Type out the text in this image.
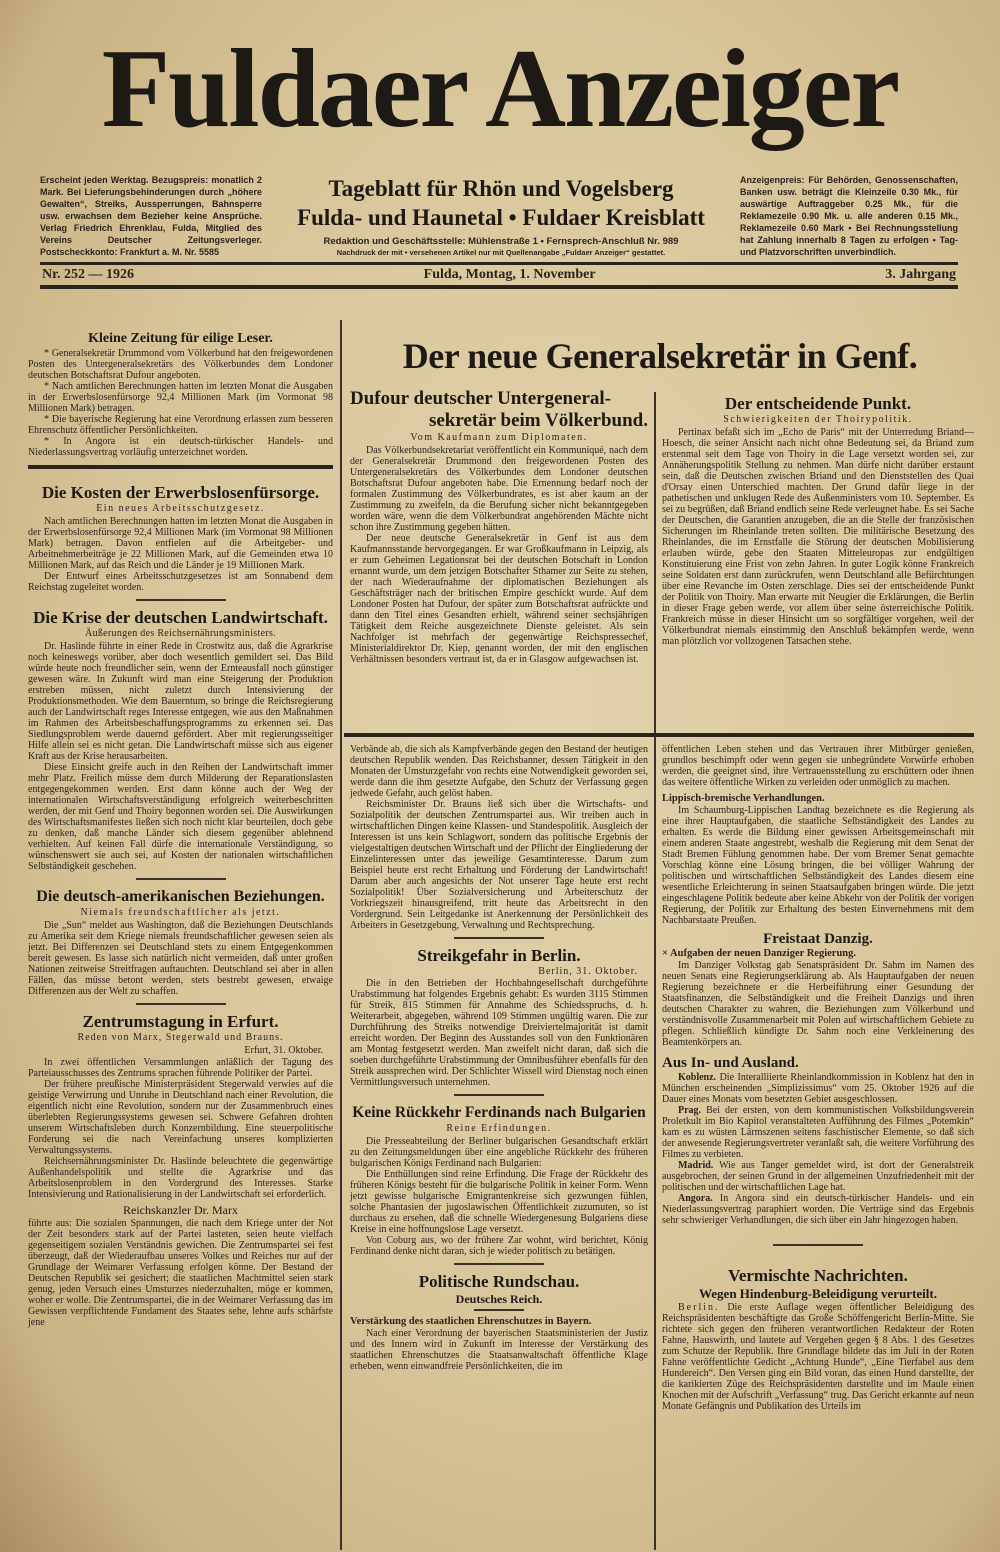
Fuldaer Anzeiger
Erscheint jeden Werktag. Bezugspreis: monatlich 2 Mark. Bei Lieferungsbehinderungen durch „höhere Gewalten“, Streiks, Aussperrungen, Bahnsperre usw. erwachsen dem Bezieher keine Ansprüche. Verlag Friedrich Ehrenklau, Fulda, Mitglied des Vereins Deutscher Zeitungsverleger. Postscheckkonto: Frankfurt a. M. Nr. 5585
Tageblatt für Rhön und Vogelsberg
Fulda- und Haunetal • Fuldaer Kreisblatt
Redaktion und Geschäftsstelle: Mühlenstraße 1 • Fernsprech-Anschluß Nr. 989
Nachdruck der mit • versehenen Artikel nur mit Quellenangabe „Fuldaer Anzeiger“ gestattet.
Anzeigenpreis: Für Behörden, Genossenschaften, Banken usw. beträgt die Kleinzeile 0.30 Mk., für auswärtige Auftraggeber 0.25 Mk., für die Reklamezeile 0.90 Mk. u. alle anderen 0.15 Mk., Reklamezeile 0.60 Mark • Bei Rechnungsstellung hat Zahlung innerhalb 8 Tagen zu erfolgen • Tag- und Platzvorschriften unverbindlich.
Nr. 252 — 1926	Fulda, Montag, 1. November	3. Jahrgang
Der neue Generalsekretär in Genf.
Kleine Zeitung für eilige Leser.

* Generalsekretär Drummond vom Völkerbund hat den freigewordenen Posten des Untergeneralsekretärs des Völkerbundes dem Londoner deutschen Botschaftsrat Dufour angeboten.

* Nach amtlichen Berechnungen hatten im letzten Monat die Ausgaben in der Erwerbslosenfürsorge 92,4 Millionen Mark (im Vormonat 98 Millionen Mark) betragen.

* Die bayerische Regierung hat eine Verordnung erlassen zum besseren Ehrenschutz öffentlicher Persönlichkeiten.

* In Angora ist ein deutsch-türkischer Handels- und Niederlassungsvertrag vorläufig unterzeichnet worden.

Die Kosten der Erwerbslosenfürsorge.
Ein neues Arbeitsschutzgesetz.

Nach amtlichen Berechnungen hatten im letzten Monat die Ausgaben in der Erwerbslosenfürsorge 92,4 Millionen Mark (im Vormonat 98 Millionen Mark) betragen. Davon entfielen auf die Arbeitgeber- und Arbeitnehmerbeiträge je 22 Millionen Mark, auf die Gemeinden etwa 10 Millionen Mark, auf das Reich und die Länder je 19 Millionen Mark.

Der Entwurf eines Arbeitsschutzgesetzes ist am Sonnabend dem Reichstag zugeleitet worden.

Die Krise der deutschen Landwirtschaft.
Äußerungen des Reichsernährungsministers.

Dr. Haslinde führte in einer Rede in Crostwitz aus, daß die Agrarkrise noch keineswegs vorüber, aber doch wesentlich gemildert sei. Das Bild würde heute noch freundlicher sein, wenn der Ernteausfall noch günstiger gewesen wäre. In Zukunft wird man eine Steigerung der Produktion erstreben müssen, nicht zuletzt durch Intensivierung der Produktionsmethoden. Wie dem Bauerntum, so bringe die Reichsregierung auch der Landwirtschaft reges Interesse entgegen, wie aus den Maßnahmen im Rahmen des Arbeitsbeschaffungsprogramms zu erkennen sei. Das Siedlungsproblem werde dauernd gefördert. Aber mit regierungsseitiger Hilfe allein sei es nicht getan. Die Landwirtschaft müsse sich aus eigener Kraft aus der Krise herausarbeiten.

Diese Einsicht greife auch in den Reihen der Landwirtschaft immer mehr Platz. Freilich müsse dem durch Milderung der Reparationslasten entgegengekommen werden. Erst dann könne auch der Weg der internationalen Wirtschaftsverständigung erfolgreich weiterbeschritten werden, der mit Genf und Thoiry begonnen worden sei. Die Auswirkungen des Wirtschaftsmanifestes ließen sich noch nicht klar beurteilen, doch gebe zu denken, daß manche Länder sich diesem gegenüber ablehnend verhielten. Auf keinen Fall dürfe die internationale Verständigung, so wünschenswert sie auch sei, auf Kosten der nationalen wirtschaftlichen Selbständigkeit geschehen.

Die deutsch-amerikanischen Beziehungen.
Niemals freundschaftlicher als jetzt.

Die „Sun“ meldet aus Washington, daß die Beziehungen Deutschlands zu Amerika seit dem Kriege niemals freundschaftlicher gewesen seien als jetzt. Bei Differenzen sei Deutschland stets zu einem Entgegenkommen bereit gewesen. Es lasse sich natürlich nicht vermeiden, daß unter großen Nationen zeitweise Streitfragen auftauchten. Deutschland sei aber in allen Fällen, das müsse betont werden, stets bestrebt gewesen, etwaige Differenzen aus der Welt zu schaffen.

Zentrumstagung in Erfurt.
Reden von Marx, Stegerwald und Brauns.
Erfurt, 31. Oktober.

In zwei öffentlichen Versammlungen anläßlich der Tagung des Parteiausschusses des Zentrums sprachen führende Politiker der Partei.

Der frühere preußische Ministerpräsident Stegerwald verwies auf die geistige Verwirrung und Unruhe in Deutschland nach einer Revolution, die eigentlich nicht eine Revolution, sondern nur der Zusammenbruch eines überlebten Regierungssystems gewesen sei. Schwere Gefahren drohten unserem Wirtschaftsleben durch Konzernbildung. Eine steuerpolitische Forderung sei die nach Vereinfachung unseres komplizierten Verwaltungssystems.

Reichsernährungsminister Dr. Haslinde beleuchtete die gegenwärtige Außenhandelspolitik und stellte die Agrarkrise und das Arbeitslosenproblem in den Vordergrund des Interesses. Starke Intensivierung und Rationalisierung in der Landwirtschaft sei erforderlich.

Reichskanzler Dr. Marx

führte aus: Die sozialen Spannungen, die nach dem Kriege unter der Not der Zeit besonders stark auf der Partei lasteten, seien heute vielfach gegenseitigem sozialen Verständnis gewichen. Die Zentrumspartei sei fest überzeugt, daß der Wiederaufbau unseres Volkes und Reiches nur auf der Grundlage der Weimarer Verfassung erfolgen könne. Der Bestand der Deutschen Republik sei gesichert; die staatlichen Machtmittel seien stark genug, jeden Versuch eines Umsturzes niederzuhalten, möge er kommen, woher er wolle. Die Zentrumspartei, die in der Weimarer Verfassung das im Gewissen verpflichtende Fundament des Staates sehe, lehne aufs schärfste jene

Dufour deutscher Untergeneral-
sekretär beim Völkerbund.
Vom Kaufmann zum Diplomaten.

Das Völkerbundsekretariat veröffentlicht ein Kommuniqué, nach dem der Generalsekretär Drummond den freigewordenen Posten des Untergeneralsekretärs des Völkerbundes dem Londoner deutschen Botschaftsrat Dufour angeboten habe. Die Ernennung bedarf noch der formalen Zustimmung des Völkerbundrates, es ist aber kaum an der Zustimmung zu zweifeln, da die Berufung sicher nicht bekanntgegeben worden wäre, wenn die dem Völkerbundrat angehörenden Mächte nicht schon ihre Zustimmung gegeben hätten.

Der neue deutsche Generalsekretär in Genf ist aus dem Kaufmannsstande hervorgegangen. Er war Großkaufmann in Leipzig, als er zum Geheimen Legationsrat bei der deutschen Botschaft in London ernannt wurde, um dem jetzigen Botschafter Sthamer zur Seite zu stehen, der nach Wiederaufnahme der diplomatischen Beziehungen als Geschäftsträger nach der britischen Empire geschickt wurde. Auf dem Londoner Posten hat Dufour, der später zum Botschaftsrat aufrückte und dann den Titel eines Gesandten erhielt, während seiner sechsjährigen Tätigkeit dem Reiche ausgezeichnete Dienste geleistet. Als sein Nachfolger ist mehrfach der gegenwärtige Reichspressechef, Ministerialdirektor Dr. Kiep, genannt worden, der mit den englischen Verhältnissen besonders vertraut ist, da er in Glasgow aufgewachsen ist.

Der entscheidende Punkt.
Schwierigkeiten der Thoirypolitik.

Pertinax befaßt sich im „Echo de Paris“ mit der Unterredung Briand—Hoesch, die seiner Ansicht nach nicht ohne Bedeutung sei, da Briand zum erstenmal seit dem Tage von Thoiry in die Lage versetzt worden sei, zur Annäherungspolitik Stellung zu nehmen. Man dürfe nicht darüber erstaunt sein, daß die Deutschen zwischen Briand und den Dienststellen des Quai d'Orsay einen Unterschied machten. Der Grund dafür liege in der pathetischen und unklugen Rede des Außenministers vom 10. September. Es sei zu begrüßen, daß Briand endlich seine Rede verleugnet habe. Es sei Sache der Deutschen, die Garantien anzugeben, die an die Stelle der französischen Sicherungen im Rheinlande treten sollten. Die militärische Besetzung des Rheinlandes, die im Ernstfalle die Störung der deutschen Mobilisierung erlauben würde, gebe den Staaten Mitteleuropas zur endgültigen Konstituierung eine Frist von zehn Jahren. In guter Logik könne Frankreich seine Soldaten erst dann zurückrufen, wenn Deutschland alle Befürchtungen über eine Revanche im Osten zerschlage. Dies sei der entscheidende Punkt der Politik von Thoiry. Man erwarte mit Neugier die Erklärungen, die Berlin in dieser Frage geben werde, vor allem über seine österreichische Politik. Frankreich müsse in dieser Hinsicht um so sorgfältiger vorgehen, weil der Völkerbundrat niemals einstimmig den Anschluß bekämpfen werde, wenn man plötzlich vor vollzogenen Tatsachen stehe.

Verbände ab, die sich als Kampfverbände gegen den Bestand der heutigen deutschen Republik wenden. Das Reichsbanner, dessen Tätigkeit in den Monaten der Umsturzgefahr von rechts eine Notwendigkeit geworden sei, werde dann die ihm gesetzte Aufgabe, den Schutz der Verfassung gegen jedwede Gefahr, auch gelöst haben.

Reichsminister Dr. Brauns ließ sich über die Wirtschafts- und Sozialpolitik der deutschen Zentrumspartei aus. Wir treiben auch in wirtschaftlichen Dingen keine Klassen- und Standespolitik. Ausgleich der Interessen ist uns kein Schlagwort, sondern das politische Ergebnis der vielgestaltigen deutschen Wirtschaft und der Pflicht der Eingliederung der Einzelinteressen unter das jeweilige Gesamtinteresse. Darum zum Beispiel heute erst recht Erhaltung und Förderung der Landwirtschaft! Darum aber auch angesichts der Not unserer Tage heute erst recht Sozialpolitik! Über Sozialversicherung und Arbeiterschutz der Vorkriegszeit hinausgreifend, tritt heute das Arbeitsrecht in den Vordergrund. Sein Leitgedanke ist Anerkennung der Persönlichkeit des Arbeiters in Gesetzgebung, Verwaltung und Rechtsprechung.

Streikgefahr in Berlin.
Berlin, 31. Oktober.

Die in den Betrieben der Hochbahngesellschaft durchgeführte Urabstimmung hat folgendes Ergebnis gehabt: Es wurden 3115 Stimmen für Streik, 815 Stimmen für Annahme des Schiedsspruchs, d. h. Weiterarbeit, abgegeben, während 109 Stimmen ungültig waren. Die zur Durchführung des Streiks notwendige Dreiviertelmajorität ist damit erreicht worden. Der Beginn des Ausstandes soll von den Funktionären am Montag festgesetzt werden. Man zweifelt nicht daran, daß sich die soeben durchgeführte Urabstimmung der Omnibusführer ebenfalls für den Streik aussprechen wird. Der Schlichter Wissell wird Dienstag noch einen Vermittlungsversuch unternehmen.

Keine Rückkehr Ferdinands nach Bulgarien
Reine Erfindungen.

Die Presseabteilung der Berliner bulgarischen Gesandtschaft erklärt zu den Zeitungsmeldungen über eine angebliche Rückkehr des früheren bulgarischen Königs Ferdinand nach Bulgarien:

Die Enthüllungen sind reine Erfindung. Die Frage der Rückkehr des früheren Königs besteht für die bulgarische Politik in keiner Form. Wenn jetzt gewisse bulgarische Emigrantenkreise sich gezwungen fühlen, solche Phantasien der jugoslawischen Öffentlichkeit zuzumuten, so ist durchaus zu ersehen, daß die schnelle Wiedergenesung Bulgariens diese Kreise in eine hoffnungslose Lage versetzt.

Von Coburg aus, wo der frühere Zar wohnt, wird berichtet, König Ferdinand denke nicht daran, sich je wieder politisch zu betätigen.

Politische Rundschau.
Deutsches Reich.
Verstärkung des staatlichen Ehrenschutzes in Bayern.

Nach einer Verordnung der bayerischen Staatsministerien der Justiz und des Innern wird in Zukunft im Interesse der Verstärkung des staatlichen Ehrenschutzes die Staatsanwaltschaft öffentliche Klage erheben, wenn einwandfreie Persönlichkeiten, die im

öffentlichen Leben stehen und das Vertrauen ihrer Mitbürger genießen, grundlos beschimpft oder wenn gegen sie unbegründete Vorwürfe erhoben werden, die geeignet sind, ihre Vertrauensstellung zu erschüttern oder ihnen das weitere öffentliche Wirken zu verleiden oder unmöglich zu machen.

Lippisch-bremische Verhandlungen.

Im Schaumburg-Lippischen Landtag bezeichnete es die Regierung als eine ihrer Hauptaufgaben, die staatliche Selbständigkeit des Landes zu erhalten. Es werde die Bildung einer gewissen Arbeitsgemeinschaft mit einem anderen Staate angestrebt, weshalb die Regierung mit dem Senat der Stadt Bremen Fühlung genommen habe. Der vom Bremer Senat gemachte Vorschlag könne eine Lösung bringen, die bei völliger Wahrung der politischen und wirtschaftlichen Selbständigkeit des Landes diesem eine wesentliche Erleichterung in seinen Staatsaufgaben bringen würde. Die jetzt eingeschlagene Politik bedeute aber keine Abkehr von der Politik der vorigen Regierung, der Politik zur Erhaltung des besten Einvernehmens mit dem Nachbarstaate Preußen.

Freistaat Danzig.
× Aufgaben der neuen Danziger Regierung.

Im Danziger Volkstag gab Senatspräsident Dr. Sahm im Namen des neuen Senats eine Regierungserklärung ab. Als Hauptaufgaben der neuen Regierung bezeichnete er die Herbeiführung einer Gesundung der Staatsfinanzen, die Selbständigkeit und die Freiheit Danzigs und ihren deutschen Charakter zu wahren, die Beziehungen zum Völkerbund und verständnisvolle Zusammenarbeit mit Polen auf wirtschaftlichem Gebiete zu pflegen. Schließlich kündigte Dr. Sahm noch eine Verkleinerung des Beamtenkörpers an.

Aus In- und Ausland.

Koblenz. Die Interalliierte Rheinlandkommission in Koblenz hat den in München erscheinenden „Simplizissimus“ vom 25. Oktober 1926 auf die Dauer eines Monats vom besetzten Gebiet ausgeschlossen.

Prag. Bei der ersten, von dem kommunistischen Volksbildungsverein Proletkult im Bio Kapitol veranstalteten Aufführung des Filmes „Potemkin“ kam es zu wüsten Lärmszenen seitens faschistischer Elemente, so daß sich der anwesende Regierungsvertreter veranlaßt sah, die weitere Vorführung des Filmes zu verbieten.

Madrid. Wie aus Tanger gemeldet wird, ist dort der Generalstreik ausgebrochen, der seinen Grund in der allgemeinen Unzufriedenheit mit der politischen und der wirtschaftlichen Lage hat.

Angora. In Angora sind ein deutsch-türkischer Handels- und ein Niederlassungsvertrag paraphiert worden. Die Verträge sind das Ergebnis sehr schwieriger Verhandlungen, die sich über ein Jahr hingezogen haben.

Vermischte Nachrichten.
Wegen Hindenburg-Beleidigung verurteilt.

Berlin. Die erste Auflage wegen öffentlicher Beleidigung des Reichspräsidenten beschäftigte das Große Schöffengericht Berlin-Mitte. Sie richtete sich gegen den früheren verantwortlichen Redakteur der Roten Fahne, Hauswirth, und lautete auf Vergehen gegen § 8 Abs. 1 des Gesetzes zum Schutze der Republik. Ihre Grundlage bildete das im Juli in der Roten Fahne veröffentlichte Gedicht „Achtung Hunde“, „Eine Tierfabel aus dem Hundereich“. Den Versen ging ein Bild voran, das einen Hund darstellte, der die karikierten Züge des Reichspräsidenten darstellte und im Maule einen Knochen mit der Aufschrift „Verfassung“ trug. Das Gericht erkannte auf neun Monate Gefängnis und Publikation des Urteils im
